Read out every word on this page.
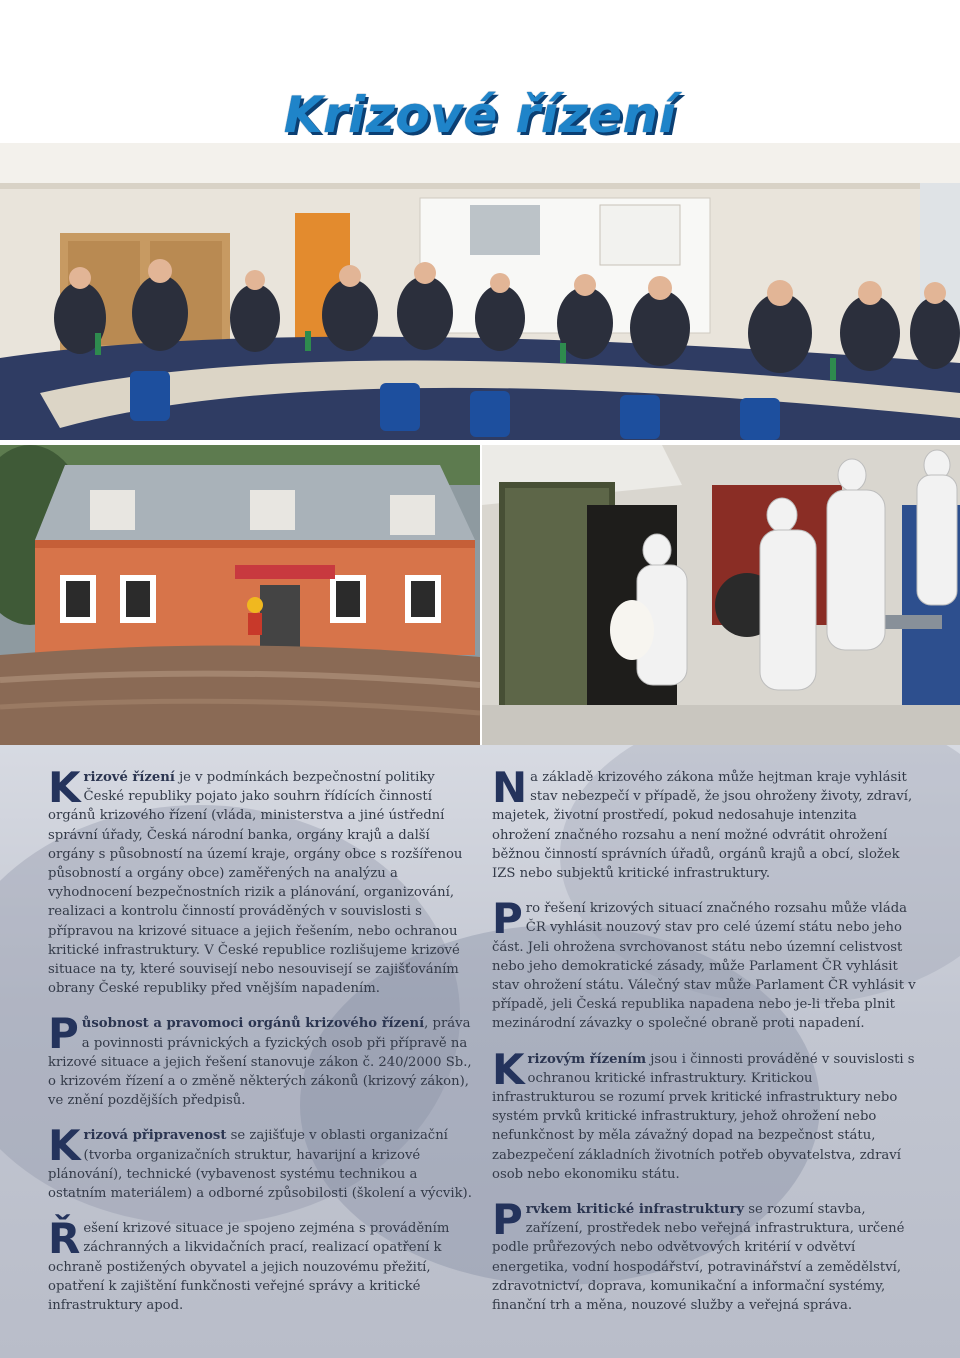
Krizové řízení

Krizové řízení je v podmínkách bezpečnostní politiky České republiky pojato jako souhrn řídících činností orgánů krizového řízení (vláda, ministerstva a jiné ústřední správní úřady, Česká národní banka, orgány krajů a další orgány s působností na území kraje, orgány obce s rozšířenou působností a orgány obce) zaměřených na analýzu a vyhodnocení bezpečnostních rizik a plánování, organizování, realizaci a kontrolu činností prováděných v souvislosti s přípravou na krizové situace a jejich řešením, nebo ochranou kritické infrastruktury. V České republice rozlišujeme krizové situace na ty, které souvisejí nebo nesouvisejí se zajišťováním obrany České republiky před vnějším napadením.

Působnost a pravomoci orgánů krizového řízení, práva a povinnosti právnických a fyzických osob při přípravě na krizové situace a jejich řešení stanovuje zákon č. 240/2000 Sb., o krizovém řízení a o změně některých zákonů (krizový zákon), ve znění pozdějších předpisů.

Krizová připravenost se zajišťuje v oblasti organizační (tvorba organizačních struktur, havarijní a krizové plánování), technické (vybavenost systému technikou a ostatním materiálem) a odborné způsobilosti (školení a výcvik).

Řešení krizové situace je spojeno zejména s prováděním záchranných a likvidačních prací, realizací opatření k ochraně postižených obyvatel a jejich nouzovému přežití, opatření k zajištění funkčnosti veřejné správy a kritické infrastruktury apod.

Na základě krizového zákona může hejtman kraje vyhlásit stav nebezpečí v případě, že jsou ohroženy životy, zdraví, majetek, životní prostředí, pokud nedosahuje intenzita ohrožení značného rozsahu a není možné odvrátit ohrožení běžnou činností správních úřadů, orgánů krajů a obcí, složek IZS nebo subjektů kritické infrastruktury.

Pro řešení krizových situací značného rozsahu může vláda ČR vyhlásit nouzový stav pro celé území státu nebo jeho část. Jeli ohrožena svrchovanost státu nebo územní celistvost nebo jeho demokratické zásady, může Parlament ČR vyhlásit stav ohrožení státu. Válečný stav může Parlament ČR vyhlásit v případě, jeli Česká republika napadena nebo je-li třeba plnit mezinárodní závazky o společné obraně proti napadení.

Krizovým řízením jsou i činnosti prováděné v souvislosti s ochranou kritické infrastruktury. Kritickou infrastrukturou se rozumí prvek kritické infrastruktury nebo systém prvků kritické infrastruktury, jehož ohrožení nebo nefunkčnost by měla závažný dopad na bezpečnost státu, zabezpečení základních životních potřeb obyvatelstva, zdraví osob nebo ekonomiku státu.

Prvkem kritické infrastruktury se rozumí stavba, zařízení, prostředek nebo veřejná infrastruktura, určené podle průřezových nebo odvětvových kritérií v odvětví energetika, vodní hospodářství, potravinářství a zemědělství, zdravotnictví, doprava, komunikační a informační systémy, finanční trh a měna, nouzové služby a veřejná správa.
